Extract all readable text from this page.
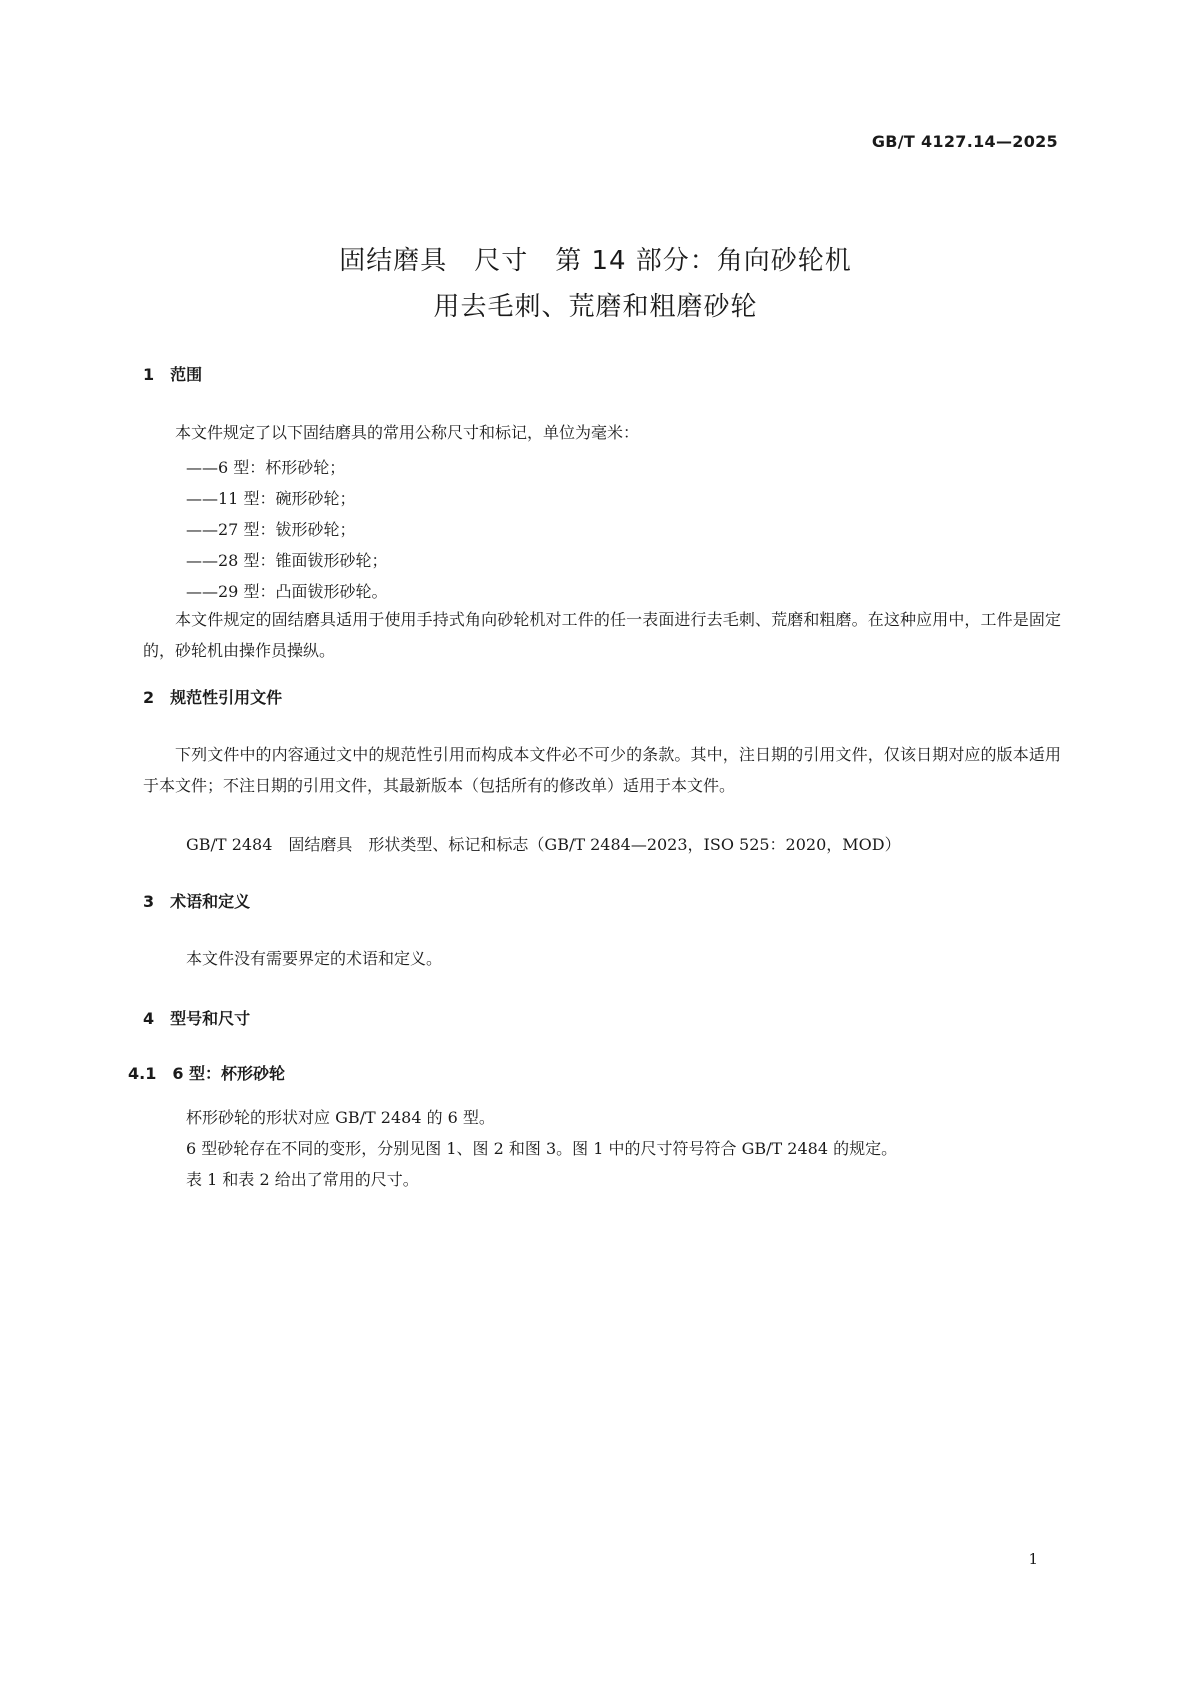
GB/T 4127.14—2025
固结磨具　尺寸　第 14 部分：角向砂轮机
用去毛刺、荒磨和粗磨砂轮
1　范围
本文件规定了以下固结磨具的常用公称尺寸和标记，单位为毫米：
——6 型：杯形砂轮；
——11 型：碗形砂轮；
——27 型：钹形砂轮；
——28 型：锥面钹形砂轮；
——29 型：凸面钹形砂轮。
本文件规定的固结磨具适用于使用手持式角向砂轮机对工件的任一表面进行去毛刺、荒磨和粗磨。在这种应用中，工件是固定的，砂轮机由操作员操纵。
2　规范性引用文件
下列文件中的内容通过文中的规范性引用而构成本文件必不可少的条款。其中，注日期的引用文件，仅该日期对应的版本适用于本文件；不注日期的引用文件，其最新版本（包括所有的修改单）适用于本文件。
GB/T 2484　固结磨具　形状类型、标记和标志（GB/T 2484—2023，ISO 525：2020，MOD）
3　术语和定义
本文件没有需要界定的术语和定义。
4　型号和尺寸
4.1　6 型：杯形砂轮
杯形砂轮的形状对应 GB/T 2484 的 6 型。
6 型砂轮存在不同的变形，分别见图 1、图 2 和图 3。图 1 中的尺寸符号符合 GB/T 2484 的规定。
表 1 和表 2 给出了常用的尺寸。
1
